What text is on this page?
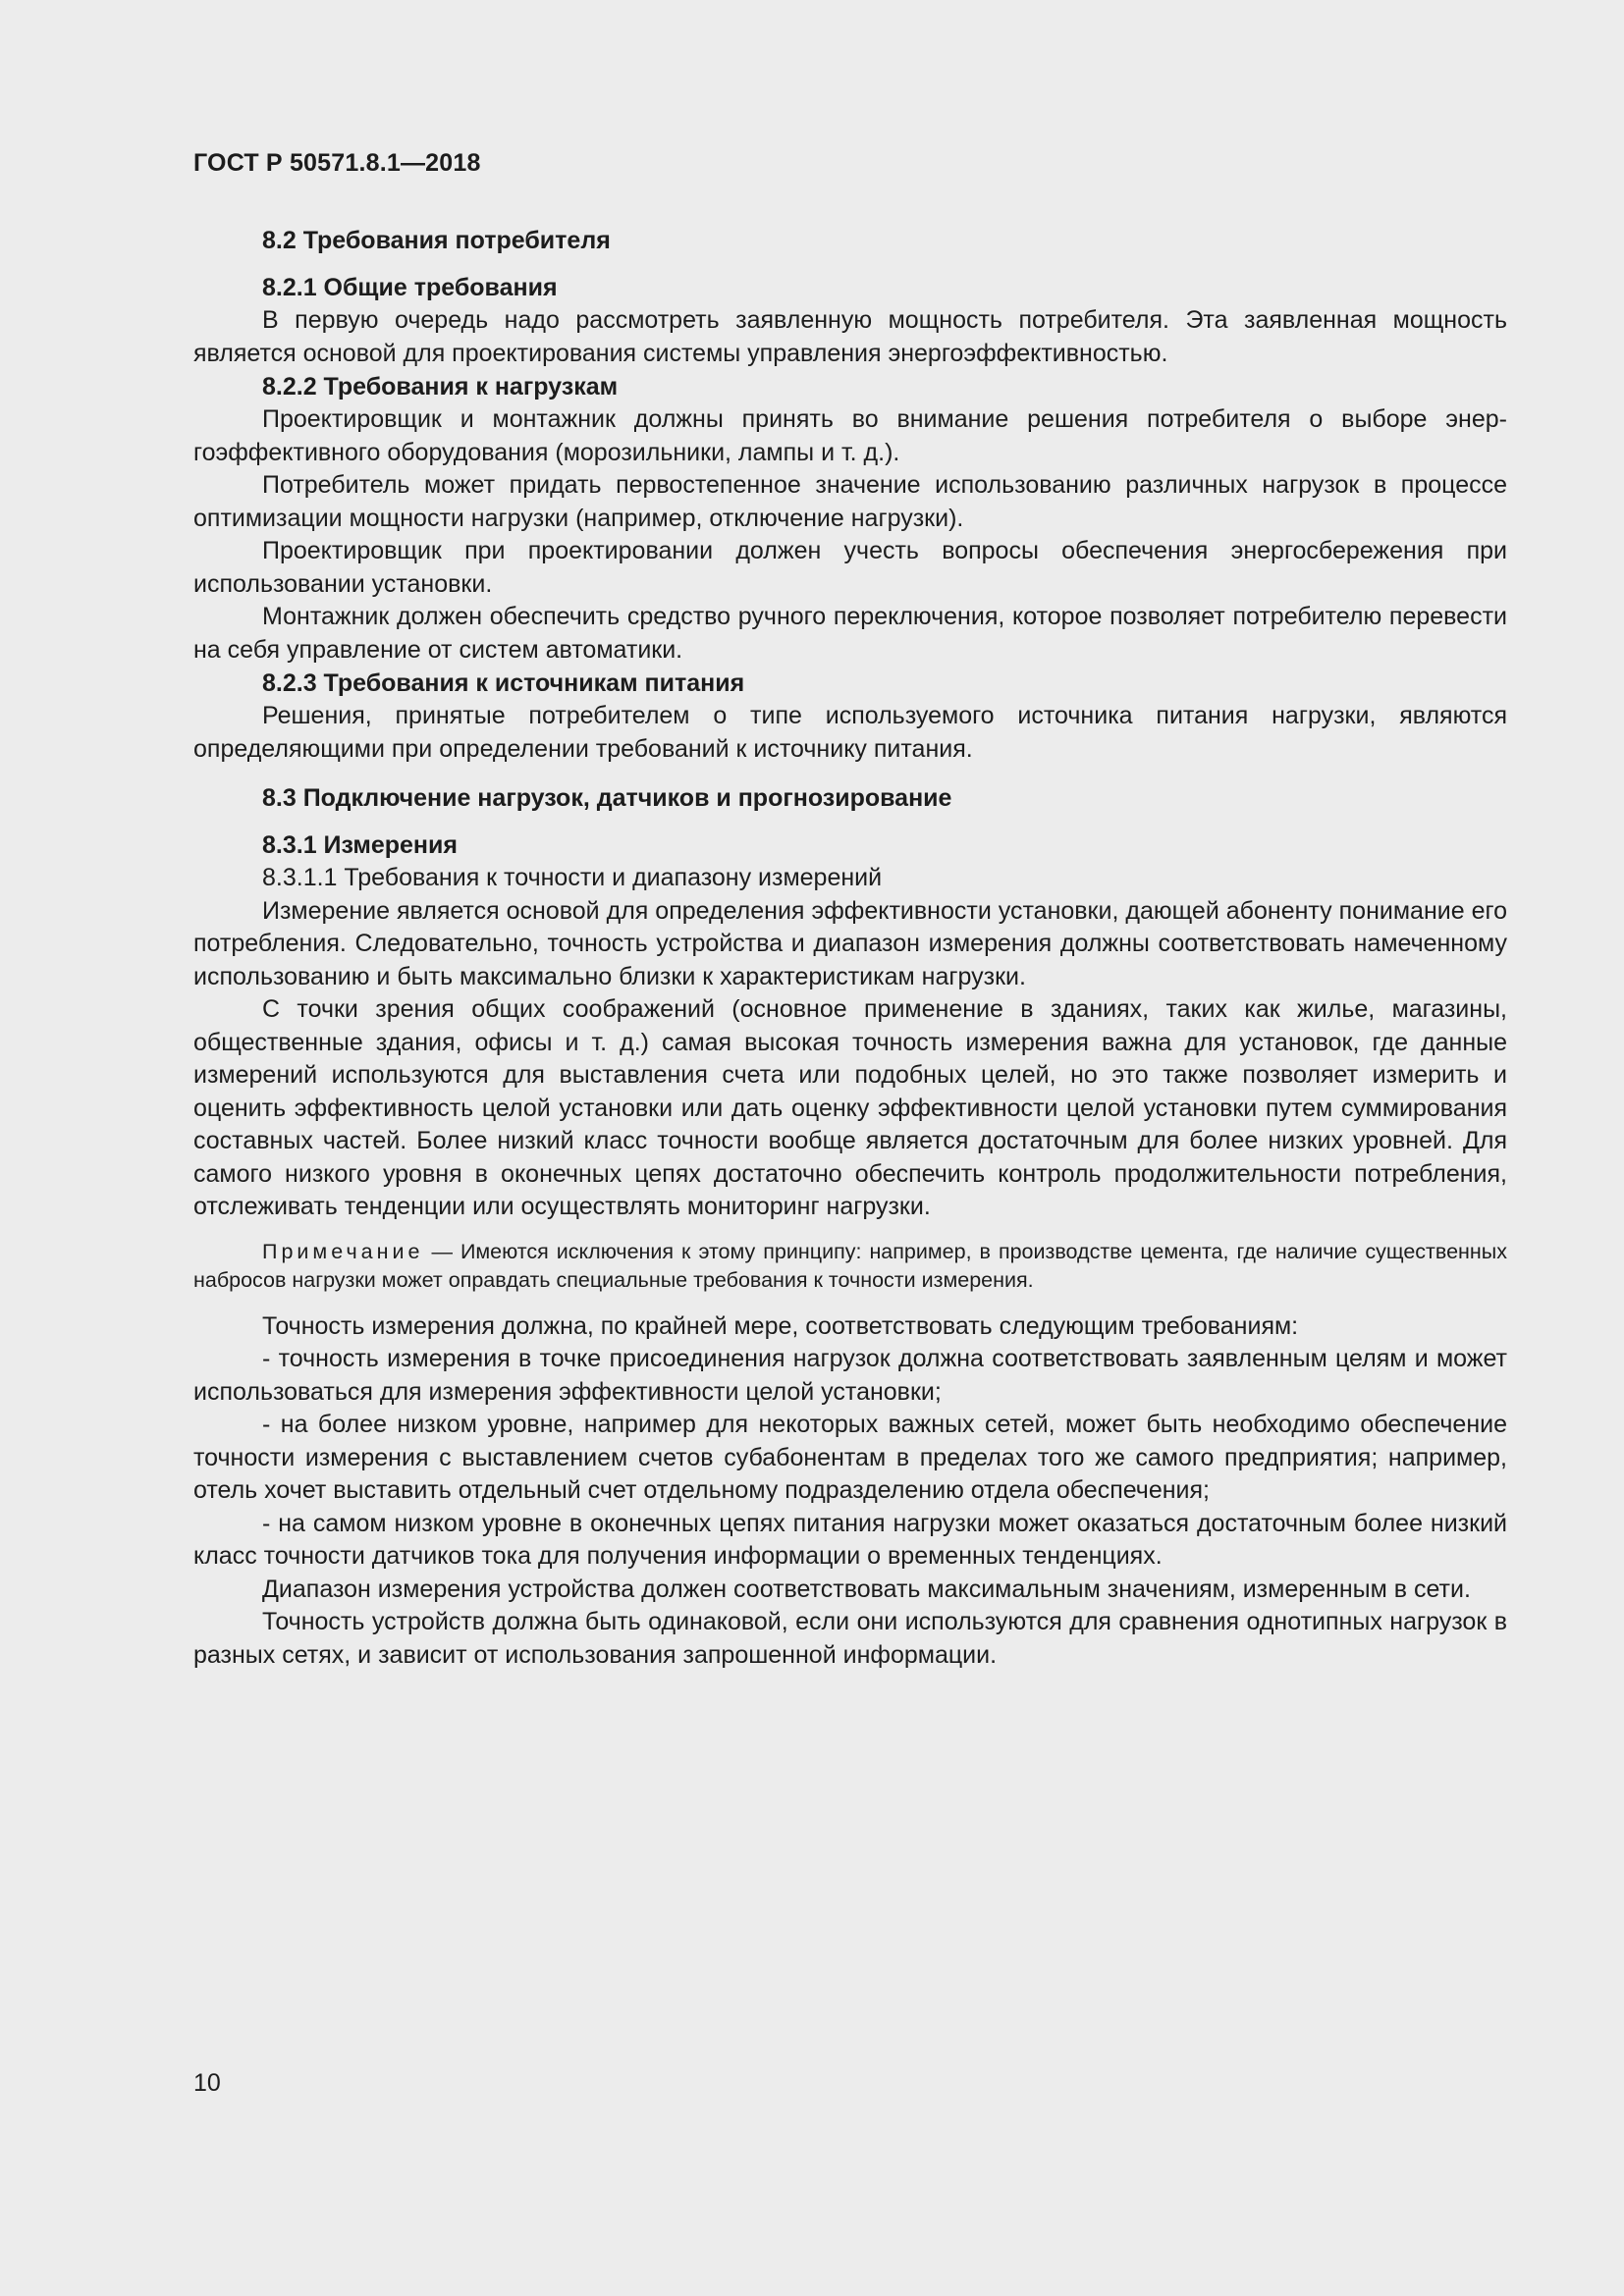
ГОСТ Р 50571.8.1—2018

8.2 Требования потребителя
8.2.1 Общие требования

В первую очередь надо рассмотреть заявленную мощность потребителя. Эта заявленная мощность является основой для проектирования системы управления энергоэффективностью.

8.2.2 Требования к нагрузкам

Проектировщик и монтажник должны принять во внимание решения потребителя о выборе энергоэффективного оборудования (морозильники, лампы и т. д.).

Потребитель может придать первостепенное значение использованию различных нагрузок в процессе оптимизации мощности нагрузки (например, отключение нагрузки).

Проектировщик при проектировании должен учесть вопросы обеспечения энергосбережения при использовании установки.

Монтажник должен обеспечить средство ручного переключения, которое позволяет потребителю перевести на себя управление от систем автоматики.

8.2.3 Требования к источникам питания

Решения, принятые потребителем о типе используемого источника питания нагрузки, являются определяющими при определении требований к источнику питания.

8.3 Подключение нагрузок, датчиков и прогнозирование
8.3.1 Измерения

8.3.1.1 Требования к точности и диапазону измерений

Измерение является основой для определения эффективности установки, дающей абоненту понимание его потребления. Следовательно, точность устройства и диапазон измерения должны соответствовать намеченному использованию и быть максимально близки к характеристикам нагрузки.

С точки зрения общих соображений (основное применение в зданиях, таких как жилье, магазины, общественные здания, офисы и т. д.) самая высокая точность измерения важна для установок, где данные измерений используются для выставления счета или подобных целей, но это также позволяет измерить и оценить эффективность целой установки или дать оценку эффективности целой установки путем суммирования составных частей. Более низкий класс точности вообще является достаточным для более низких уровней. Для самого низкого уровня в оконечных цепях достаточно обеспечить контроль продолжительности потребления, отслеживать тенденции или осуществлять мониторинг нагрузки.

Примечание — Имеются исключения к этому принципу: например, в производстве цемента, где наличие существенных набросов нагрузки может оправдать специальные требования к точности измерения.

Точность измерения должна, по крайней мере, соответствовать следующим требованиям:

- точность измерения в точке присоединения нагрузок должна соответствовать заявленным целям и может использоваться для измерения эффективности целой установки;

- на более низком уровне, например для некоторых важных сетей, может быть необходимо обеспечение точности измерения с выставлением счетов субабонентам в пределах того же самого предприятия; например, отель хочет выставить отдельный счет отдельному подразделению отдела обеспечения;

- на самом низком уровне в оконечных цепях питания нагрузки может оказаться достаточным более низкий класс точности датчиков тока для получения информации о временных тенденциях.

Диапазон измерения устройства должен соответствовать максимальным значениям, измеренным в сети.

Точность устройств должна быть одинаковой, если они используются для сравнения однотипных нагрузок в разных сетях, и зависит от использования запрошенной информации.

10
